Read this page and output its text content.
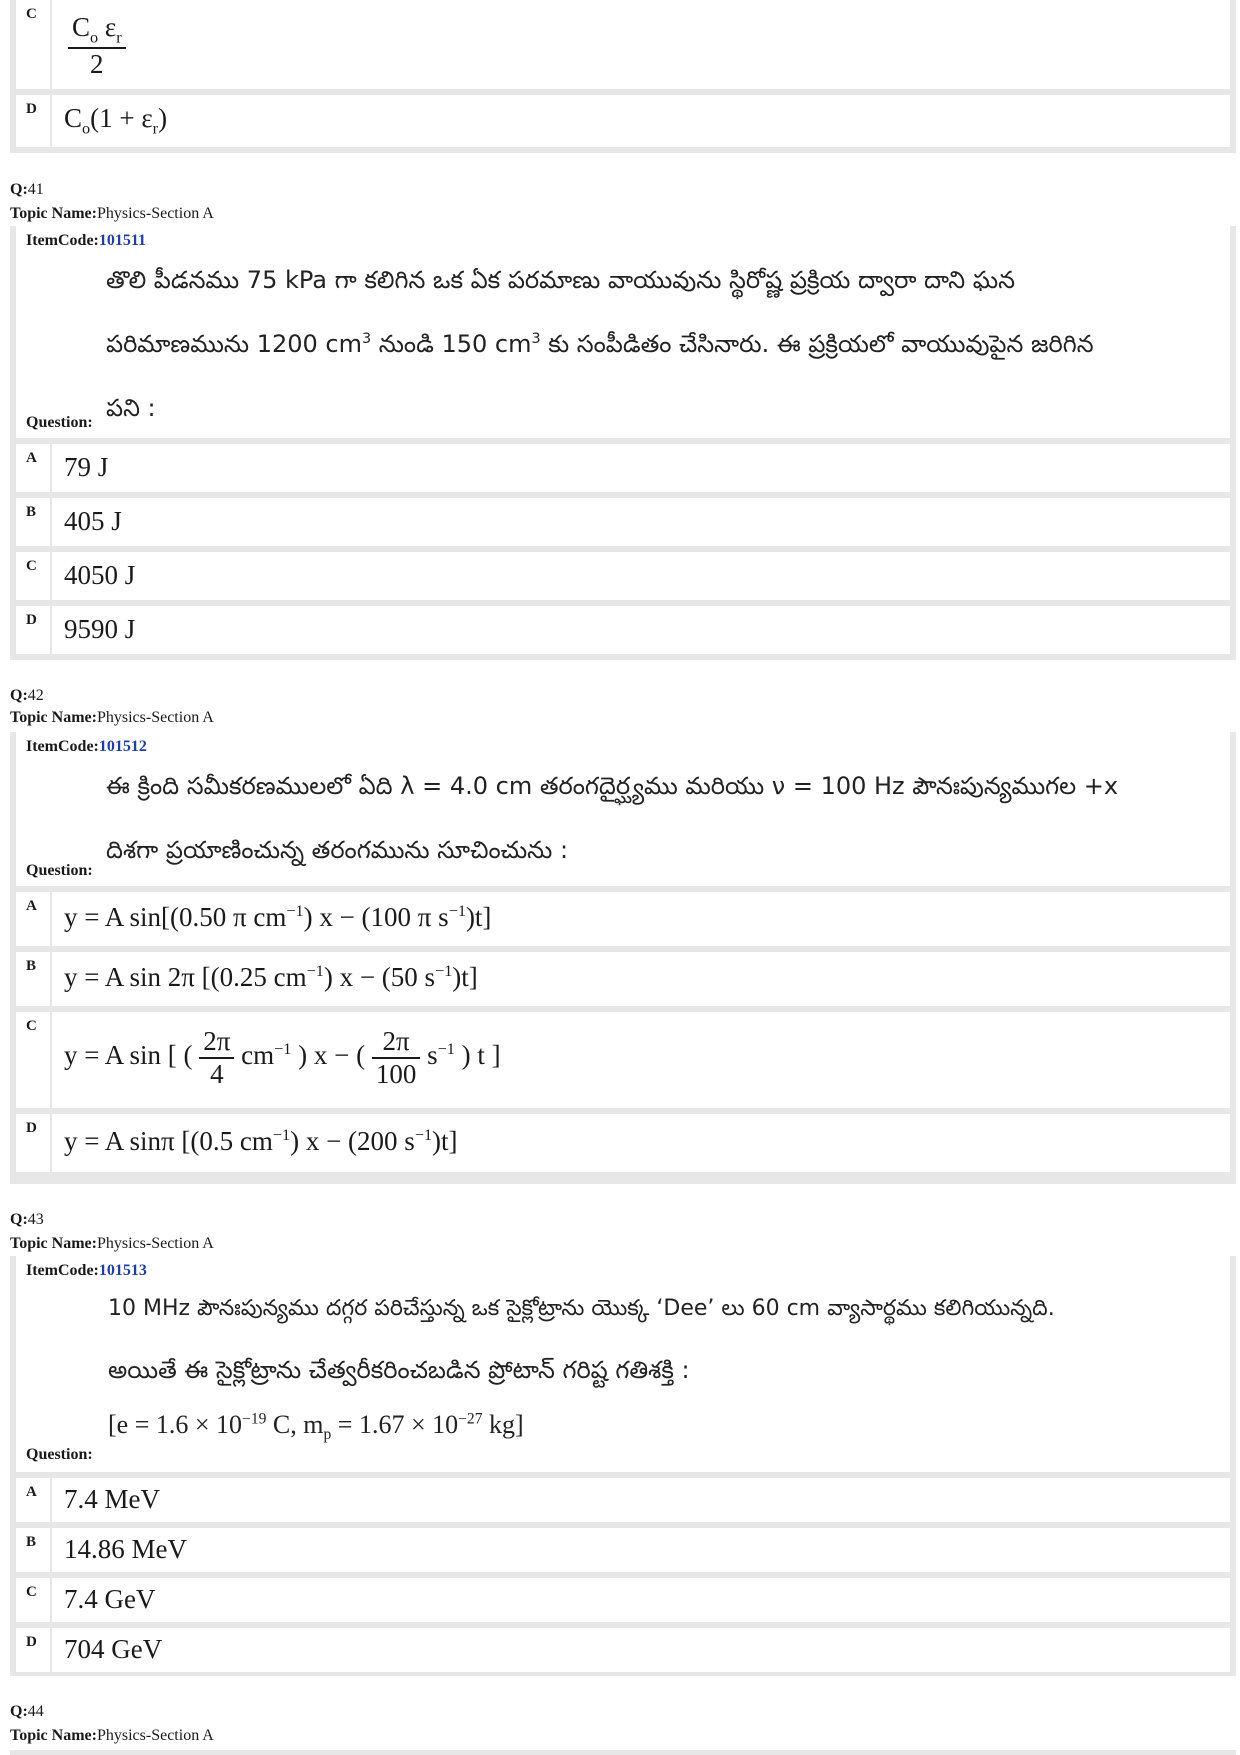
C $\frac{C_o \varepsilon_r}{2}$
D $C_o(1 + \varepsilon_r)$
Q:41
Topic Name:Physics-Section A
ItemCode:101511
తొలి పీడనము 75 kPa గా కలిగిన ఒక ఏక పరమాణు వాయువును స్థిరోష్ణ ప్రక్రియ ద్వారా దాని ఘన
పరిమాణమును 1200 $cm^3$ నుండి 150 $cm^3$ కు సంపీడితం చేసినారు. ఈ ప్రక్రియలో వాయువుపైన జరిగిన
పని :
Question:
A 79 J
B 405 J
C 4050 J
D 9590 J
Q:42
Topic Name:Physics-Section A
ItemCode:101512
ఈ క్రింది సమీకరణములలో ఏది λ = 4.0 cm తరంగదైర్ఘ్యము మరియు ν = 100 Hz పౌనఃపున్యముగల +x
దిశగా ప్రయాణించున్న తరంగమును సూచించును :
Question:
A y = A sin[(0.50 π $cm^{-1}$) x − (100 π $s^{-1})t$]
B y = A sin 2π [(0.25 $cm^{-1}$) x − (50 $s^{-1})t$]
C
y = A sin [ ( $\frac{2\pi}{4} cm^{-1}$ ) x − ( $\frac{2\pi}{100} s^{-1}$ ) t ]
D y = A sinπ [(0.5 $cm^{-1}$) x − (200 $s^{-1})t$]
Q:43
Topic Name:Physics-Section A
ItemCode:101513
10 MHz పౌనఃపున్యము దగ్గర పరిచేస్తున్న ఒక సైక్లోట్రాను యొక్క ‘Dee’ లు 60 cm వ్యాసార్థము కలిగియున్నది.
అయితే ఈ సైక్లోట్రాను చేత్వరీకరించబడిన ప్రోటాన్ గరిష్ట గతిశక్తి :
[$e = 1.6 \times 10^{-19}$ C, $m_p = 1.67 \times 10^{-27}$ kg]
Question:
A 7.4 MeV
B 14.86 MeV
C 7.4 GeV
D 704 GeV
Q:44
Topic Name:Physics-Section A
